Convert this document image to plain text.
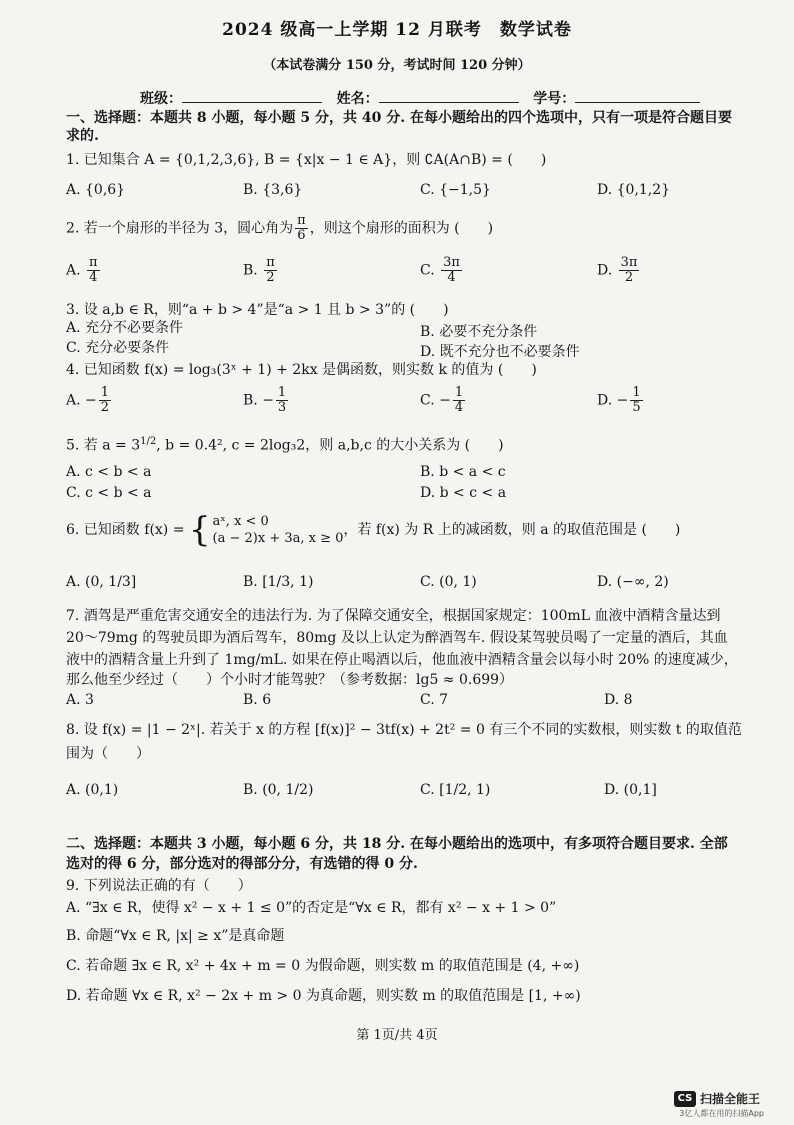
2024 级高一上学期 12 月联考　数学试卷
（本试卷满分 150 分，考试时间 120 分钟）
班级：	姓名：	学号：
一、选择题：本题共 8 小题，每小题 5 分，共 40 分. 在每小题给出的四个选项中，只有一项是符合题目要
求的.
1. 已知集合 A = {0,1,2,3,6}, B = {x|x − 1 ∈ A}，则 ∁A(A∩B) = (　　)
A. {0,6}	B. {3,6}	C. {−1,5}	D. {0,1,2}
2. 若一个扇形的半径为 3，圆心角为 $\frac{\pi}{6}$ ，则这个扇形的面积为 (　　)
A. $\frac{\pi}{4}$	B. $\frac{\pi}{2}$	C. $\frac{3\pi}{4}$	D. $\frac{3\pi}{2}$
3. 设 a,b ∈ R，则“a + b > 4”是“a > 1 且 b > 3”的 (　　)
A. 充分不必要条件	B. 必要不充分条件
C. 充分必要条件	D. 既不充分也不必要条件
4. 已知函数 f(x) = log₃(3ˣ + 1) + 2kx 是偶函数，则实数 k 的值为 (　　)
A. − $\frac{1}{2}$	B. − $\frac{1}{3}$	C. − $\frac{1}{4}$	D. − $\frac{1}{5}$
5. 若 $a = 3^{1/2}$, b = 0.4², c = 2log₃2，则 a,b,c 的大小关系为 (　　)
A. c < b < a	B. b < a < c
C. c < b < a	D. b < c < a
6. 已知函数 f(x) = { aˣ, x < 0
(a − 2)x + 3a, x ≥ 0
，若 f(x) 为 R 上的减函数，则 a 的取值范围是 (　　)
A. (0, 1/3]	B. [1/3, 1)	C. (0, 1)	D. (−∞, 2)
7. 酒驾是严重危害交通安全的违法行为. 为了保障交通安全，根据国家规定：100mL 血液中酒精含量达到
20～79mg 的驾驶员即为酒后驾车，80mg 及以上认定为醉酒驾车. 假设某驾驶员喝了一定量的酒后，其血
液中的酒精含量上升到了 1mg/mL. 如果在停止喝酒以后，他血液中酒精含量会以每小时 20% 的速度减少，
那么他至少经过（　　）个小时才能驾驶？（参考数据：lg5 ≈ 0.699）
A. 3	B. 6	C. 7	D. 8
8. 设 f(x) = |1 − 2ˣ|. 若关于 x 的方程 [f(x)]² − 3tf(x) + 2t² = 0 有三个不同的实数根，则实数 t 的取值范
围为（　　）
A. (0,1)	B. (0, 1/2)	C. [1/2, 1)	D. (0,1]
二、选择题：本题共 3 小题，每小题 6 分，共 18 分. 在每小题给出的选项中，有多项符合题目要求. 全部
选对的得 6 分，部分选对的得部分分，有选错的得 0 分.
9. 下列说法正确的有（　　）
A. “∃x ∈ R，使得 x² − x + 1 ≤ 0”的否定是“∀x ∈ R，都有 x² − x + 1 > 0”
B. 命题“∀x ∈ R, |x| ≥ x”是真命题
C. 若命题 ∃x ∈ R, x² + 4x + m = 0 为假命题，则实数 m 的取值范围是 (4, +∞)
D. 若命题 ∀x ∈ R, x² − 2x + m > 0 为真命题，则实数 m 的取值范围是 [1, +∞)
第 1页/共 4页
CS 扫描全能王
3亿人都在用的扫描App
